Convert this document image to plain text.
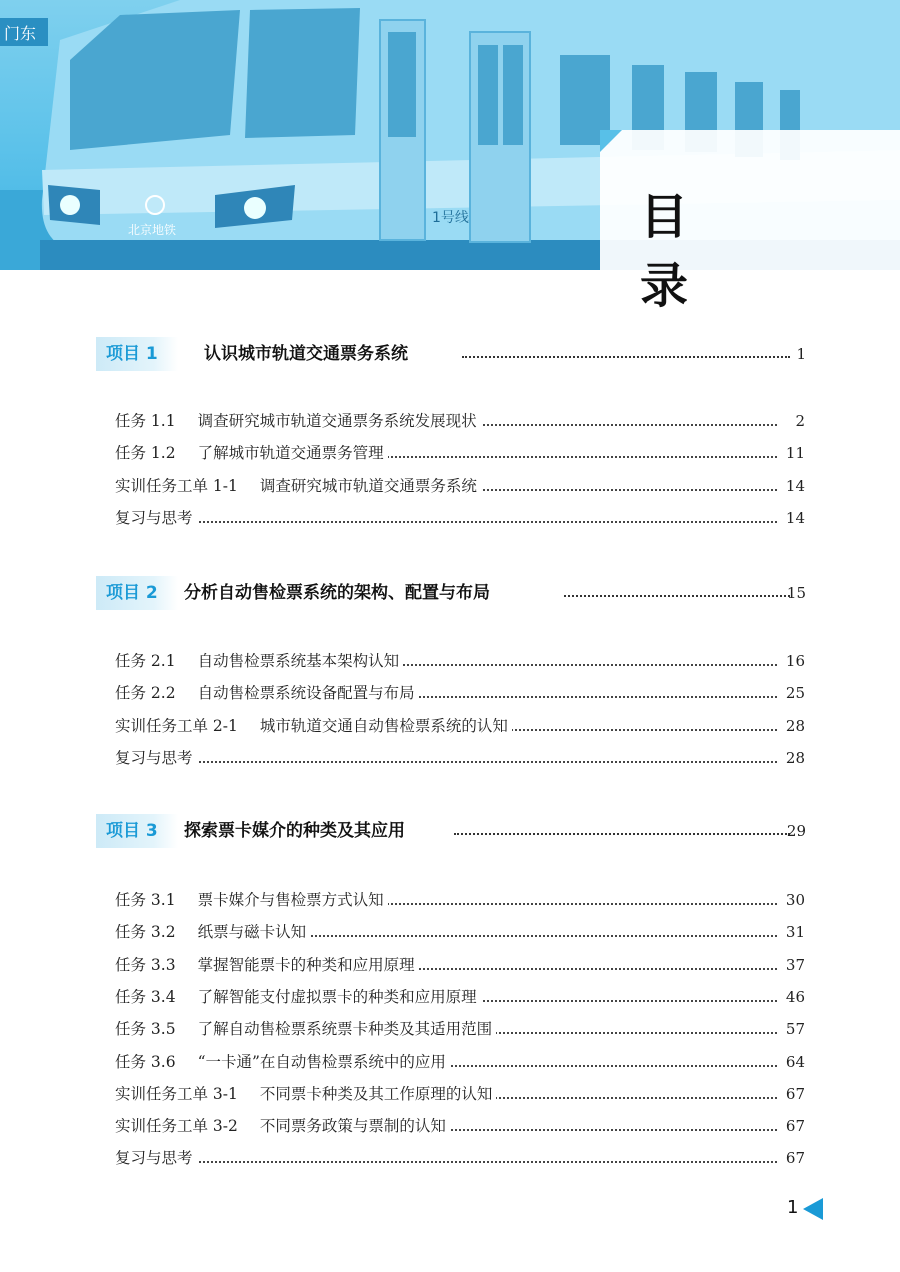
门东
北京地铁
1号线	目 录
项目 1	认识城市轨道交通票务系统	1
任务 1.1 调查研究城市轨道交通票务系统发展现状	2
任务 1.2 了解城市轨道交通票务管理	11
实训任务工单 1-1 调查研究城市轨道交通票务系统	14
复习与思考	14
项目 2	分析自动售检票系统的架构、配置与布局	15
任务 2.1 自动售检票系统基本架构认知	16
任务 2.2 自动售检票系统设备配置与布局	25
实训任务工单 2-1 城市轨道交通自动售检票系统的认知	28
复习与思考	28
项目 3	探索票卡媒介的种类及其应用	29
任务 3.1 票卡媒介与售检票方式认知	30
任务 3.2 纸票与磁卡认知	31
任务 3.3 掌握智能票卡的种类和应用原理	37
任务 3.4 了解智能支付虚拟票卡的种类和应用原理	46
任务 3.5 了解自动售检票系统票卡种类及其适用范围	57
任务 3.6 “一卡通”在自动售检票系统中的应用	64
实训任务工单 3-1 不同票卡种类及其工作原理的认知	67
实训任务工单 3-2 不同票务政策与票制的认知	67
复习与思考	67
1
